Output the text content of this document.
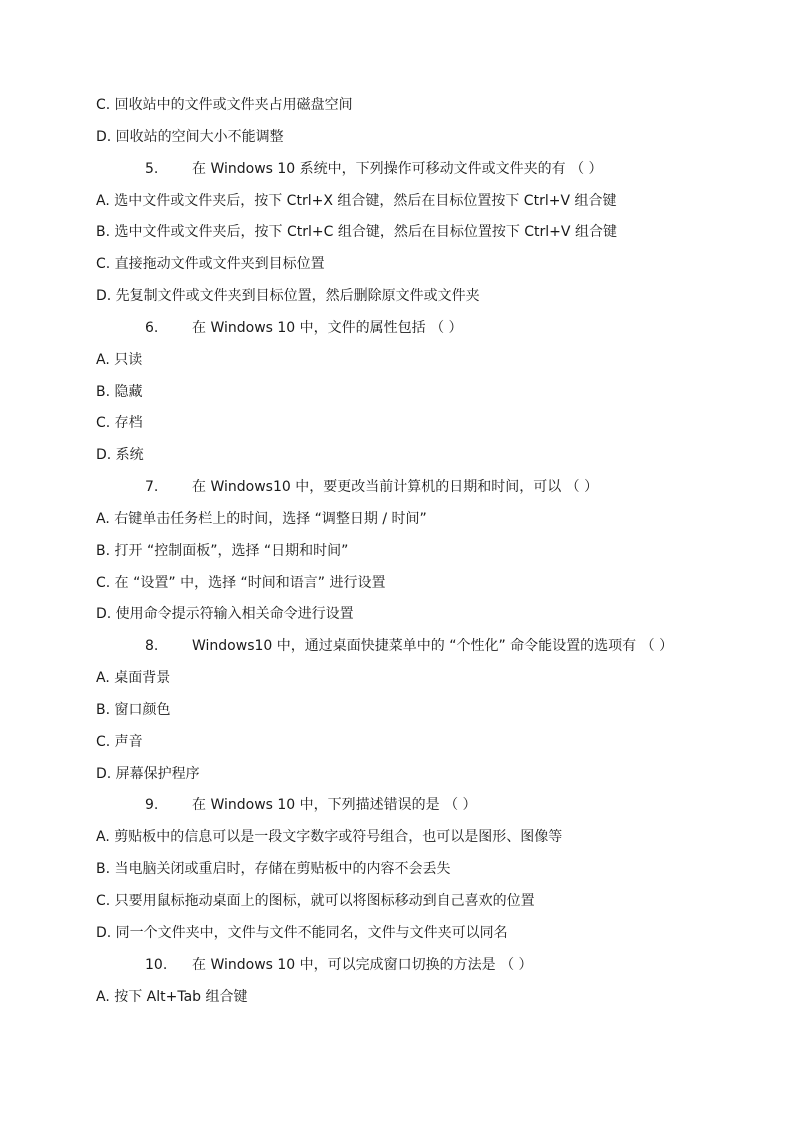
C. 回收站中的文件或文件夹占用磁盘空间
D. 回收站的空间大小不能调整
5. 在 Windows 10 系统中，下列操作可移动文件或文件夹的有 （ ）
A. 选中文件或文件夹后，按下 Ctrl+X 组合键，然后在目标位置按下 Ctrl+V 组合键
B. 选中文件或文件夹后，按下 Ctrl+C 组合键，然后在目标位置按下 Ctrl+V 组合键
C. 直接拖动文件或文件夹到目标位置
D. 先复制文件或文件夹到目标位置，然后删除原文件或文件夹
6. 在 Windows 10 中，文件的属性包括 （ ）
A. 只读
B. 隐藏
C. 存档
D. 系统
7. 在 Windows10 中，要更改当前计算机的日期和时间，可以 （ ）
A. 右键单击任务栏上的时间，选择 “调整日期 / 时间”
B. 打开 “控制面板”，选择 “日期和时间”
C. 在 “设置” 中，选择 “时间和语言” 进行设置
D. 使用命令提示符输入相关命令进行设置
8. Windows10 中，通过桌面快捷菜单中的 “个性化” 命令能设置的选项有 （ ）
A. 桌面背景
B. 窗口颜色
C. 声音
D. 屏幕保护程序
9. 在 Windows 10 中，下列描述错误的是 （ ）
A. 剪贴板中的信息可以是一段文字数字或符号组合，也可以是图形、图像等
B. 当电脑关闭或重启时，存储在剪贴板中的内容不会丢失
C. 只要用鼠标拖动桌面上的图标，就可以将图标移动到自己喜欢的位置
D. 同一个文件夹中，文件与文件不能同名，文件与文件夹可以同名
10. 在 Windows 10 中，可以完成窗口切换的方法是 （ ）
A. 按下 Alt+Tab 组合键
